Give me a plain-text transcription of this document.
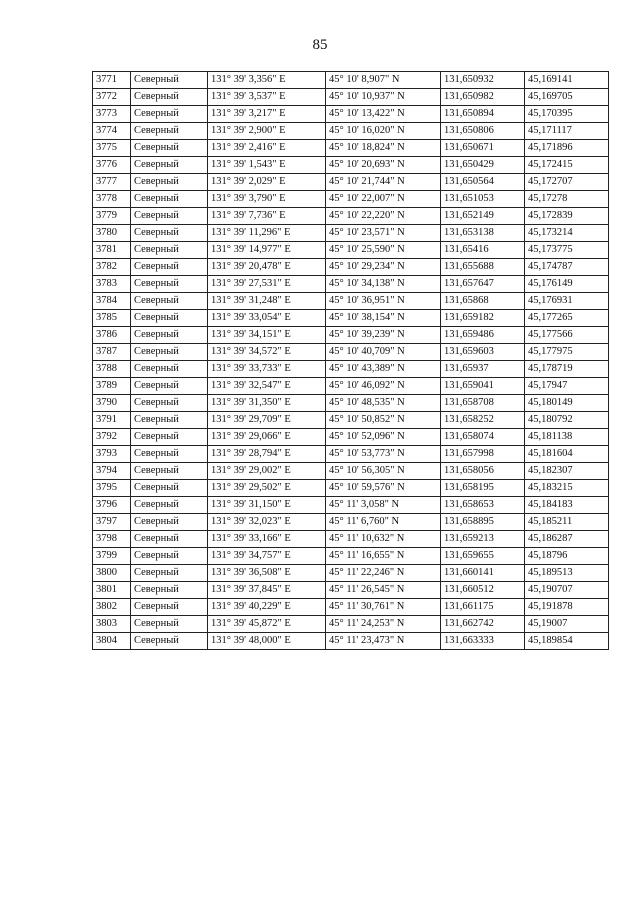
85
3771	Северный	131° 39' 3,356" E	45° 10' 8,907" N	131,650932	45,169141
3772	Северный	131° 39' 3,537" E	45° 10' 10,937" N	131,650982	45,169705
3773	Северный	131° 39' 3,217" E	45° 10' 13,422" N	131,650894	45,170395
3774	Северный	131° 39' 2,900" E	45° 10' 16,020" N	131,650806	45,171117
3775	Северный	131° 39' 2,416" E	45° 10' 18,824" N	131,650671	45,171896
3776	Северный	131° 39' 1,543" E	45° 10' 20,693" N	131,650429	45,172415
3777	Северный	131° 39' 2,029" E	45° 10' 21,744" N	131,650564	45,172707
3778	Северный	131° 39' 3,790" E	45° 10' 22,007" N	131,651053	45,17278
3779	Северный	131° 39' 7,736" E	45° 10' 22,220" N	131,652149	45,172839
3780	Северный	131° 39' 11,296" E	45° 10' 23,571" N	131,653138	45,173214
3781	Северный	131° 39' 14,977" E	45° 10' 25,590" N	131,65416	45,173775
3782	Северный	131° 39' 20,478" E	45° 10' 29,234" N	131,655688	45,174787
3783	Северный	131° 39' 27,531" E	45° 10' 34,138" N	131,657647	45,176149
3784	Северный	131° 39' 31,248" E	45° 10' 36,951" N	131,65868	45,176931
3785	Северный	131° 39' 33,054" E	45° 10' 38,154" N	131,659182	45,177265
3786	Северный	131° 39' 34,151" E	45° 10' 39,239" N	131,659486	45,177566
3787	Северный	131° 39' 34,572" E	45° 10' 40,709" N	131,659603	45,177975
3788	Северный	131° 39' 33,733" E	45° 10' 43,389" N	131,65937	45,178719
3789	Северный	131° 39' 32,547" E	45° 10' 46,092" N	131,659041	45,17947
3790	Северный	131° 39' 31,350" E	45° 10' 48,535" N	131,658708	45,180149
3791	Северный	131° 39' 29,709" E	45° 10' 50,852" N	131,658252	45,180792
3792	Северный	131° 39' 29,066" E	45° 10' 52,096" N	131,658074	45,181138
3793	Северный	131° 39' 28,794" E	45° 10' 53,773" N	131,657998	45,181604
3794	Северный	131° 39' 29,002" E	45° 10' 56,305" N	131,658056	45,182307
3795	Северный	131° 39' 29,502" E	45° 10' 59,576" N	131,658195	45,183215
3796	Северный	131° 39' 31,150" E	45° 11' 3,058" N	131,658653	45,184183
3797	Северный	131° 39' 32,023" E	45° 11' 6,760" N	131,658895	45,185211
3798	Северный	131° 39' 33,166" E	45° 11' 10,632" N	131,659213	45,186287
3799	Северный	131° 39' 34,757" E	45° 11' 16,655" N	131,659655	45,18796
3800	Северный	131° 39' 36,508" E	45° 11' 22,246" N	131,660141	45,189513
3801	Северный	131° 39' 37,845" E	45° 11' 26,545" N	131,660512	45,190707
3802	Северный	131° 39' 40,229" E	45° 11' 30,761" N	131,661175	45,191878
3803	Северный	131° 39' 45,872" E	45° 11' 24,253" N	131,662742	45,19007
3804	Северный	131° 39' 48,000" E	45° 11' 23,473" N	131,663333	45,189854
